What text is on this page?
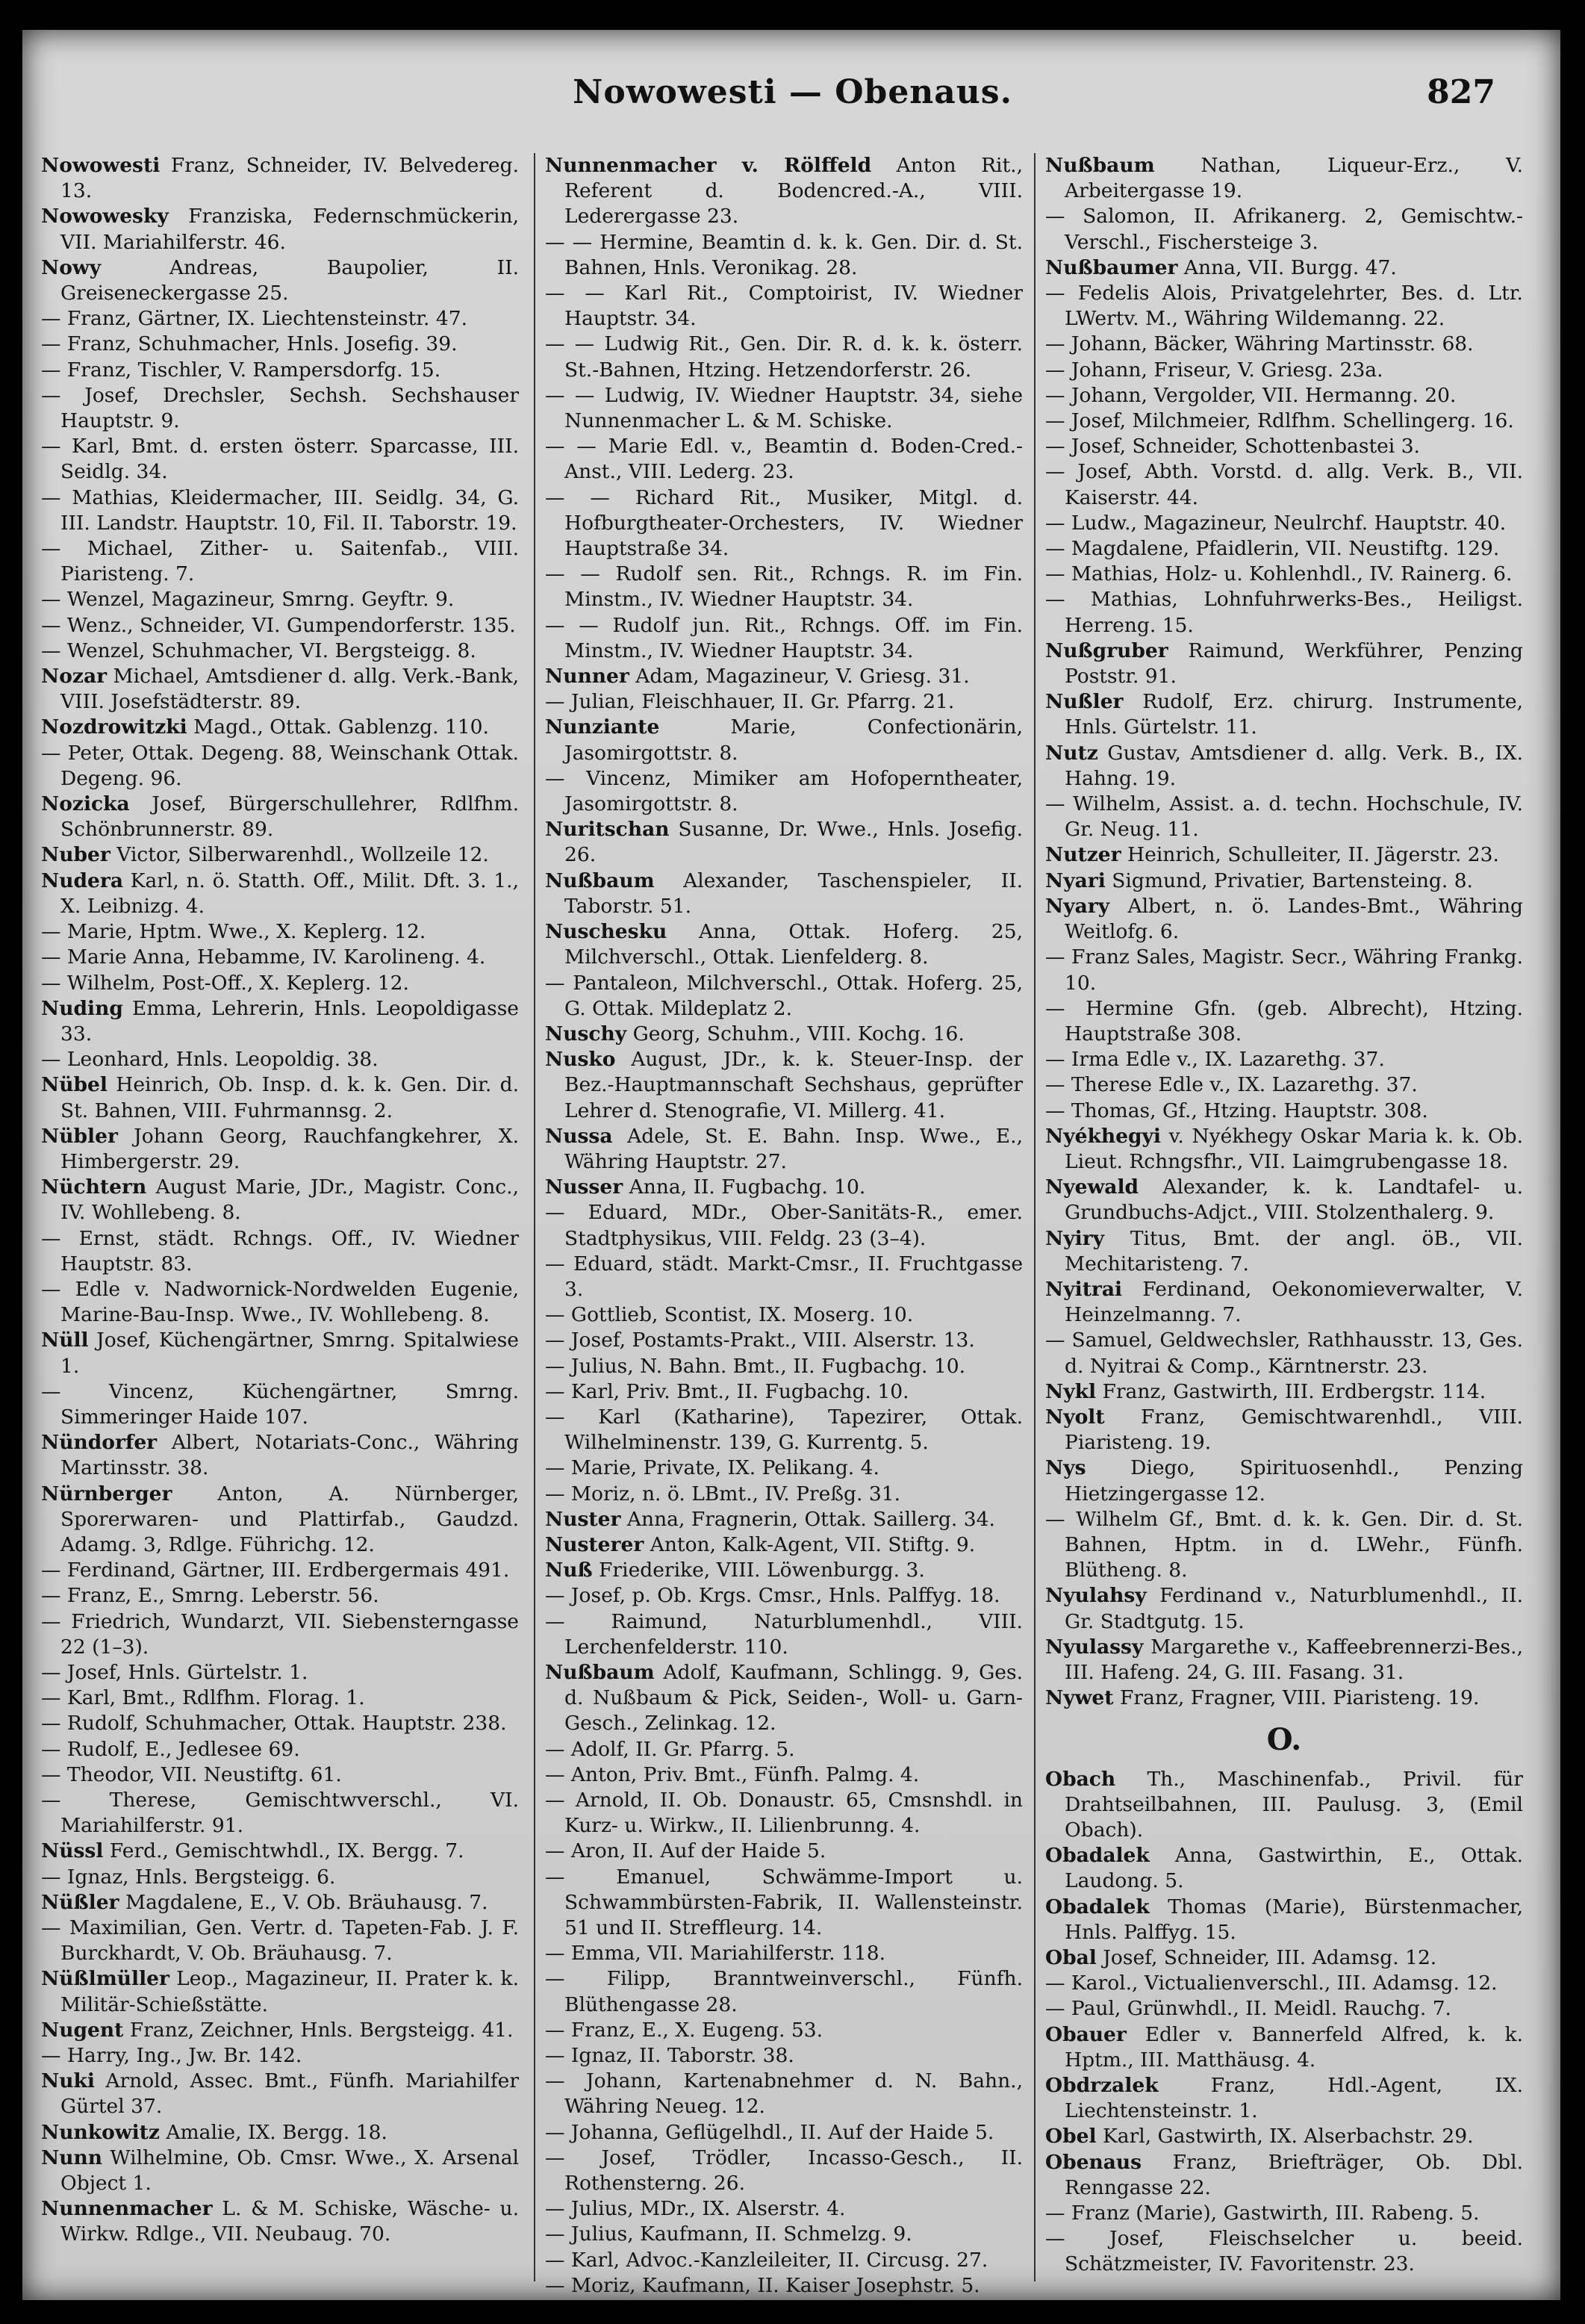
Nowowesti — Obenaus.	827

Nowowesti Franz, Schneider, IV. Belvedereg. 13.

Nowowesky Franziska, Federnschmückerin, VII. Mariahilferstr. 46.

Nowy Andreas, Baupolier, II. Greiseneckergasse 25.

— Franz, Gärtner, IX. Liechtensteinstr. 47.

— Franz, Schuhmacher, Hnls. Josefig. 39.

— Franz, Tischler, V. Rampersdorfg. 15.

— Josef, Drechsler, Sechsh. Sechshauser Hauptstr. 9.

— Karl, Bmt. d. ersten österr. Sparcasse, III. Seidlg. 34.

— Mathias, Kleidermacher, III. Seidlg. 34, G. III. Landstr. Hauptstr. 10, Fil. II. Taborstr. 19.

— Michael, Zither- u. Saitenfab., VIII. Piaristeng. 7.

— Wenzel, Magazineur, Smrng. Geyftr. 9.

— Wenz., Schneider, VI. Gumpendorferstr. 135.

— Wenzel, Schuhmacher, VI. Bergsteigg. 8.

Nozar Michael, Amtsdiener d. allg. Verk.-Bank, VIII. Josefstädterstr. 89.

Nozdrowitzki Magd., Ottak. Gablenzg. 110.

— Peter, Ottak. Degeng. 88, Weinschank Ottak. Degeng. 96.

Nozicka Josef, Bürgerschullehrer, Rdlfhm. Schönbrunnerstr. 89.

Nuber Victor, Silberwarenhdl., Wollzeile 12.

Nudera Karl, n. ö. Statth. Off., Milit. Dft. 3. 1., X. Leibnizg. 4.

— Marie, Hptm. Wwe., X. Keplerg. 12.

— Marie Anna, Hebamme, IV. Karolineng. 4.

— Wilhelm, Post-Off., X. Keplerg. 12.

Nuding Emma, Lehrerin, Hnls. Leopoldigasse 33.

— Leonhard, Hnls. Leopoldig. 38.

Nübel Heinrich, Ob. Insp. d. k. k. Gen. Dir. d. St. Bahnen, VIII. Fuhrmannsg. 2.

Nübler Johann Georg, Rauchfangkehrer, X. Himbergerstr. 29.

Nüchtern August Marie, JDr., Magistr. Conc., IV. Wohllebeng. 8.

— Ernst, städt. Rchngs. Off., IV. Wiedner Hauptstr. 83.

— Edle v. Nadwornick-Nordwelden Eugenie, Marine-Bau-Insp. Wwe., IV. Wohllebeng. 8.

Nüll Josef, Küchengärtner, Smrng. Spitalwiese 1.

— Vincenz, Küchengärtner, Smrng. Simmeringer Haide 107.

Nündorfer Albert, Notariats-Conc., Währing Martinsstr. 38.

Nürnberger Anton, A. Nürnberger, Sporerwaren- und Plattirfab., Gaudzd. Adamg. 3, Rdlge. Führichg. 12.

— Ferdinand, Gärtner, III. Erdbergermais 491.

— Franz, E., Smrng. Leberstr. 56.

— Friedrich, Wundarzt, VII. Siebensterngasse 22 (1–3).

— Josef, Hnls. Gürtelstr. 1.

— Karl, Bmt., Rdlfhm. Florag. 1.

— Rudolf, Schuhmacher, Ottak. Hauptstr. 238.

— Rudolf, E., Jedlesee 69.

— Theodor, VII. Neustiftg. 61.

— Therese, Gemischtwverschl., VI. Mariahilferstr. 91.

Nüssl Ferd., Gemischtwhdl., IX. Bergg. 7.

— Ignaz, Hnls. Bergsteigg. 6.

Nüßler Magdalene, E., V. Ob. Bräuhausg. 7.

— Maximilian, Gen. Vertr. d. Tapeten-Fab. J. F. Burckhardt, V. Ob. Bräuhausg. 7.

Nüßlmüller Leop., Magazineur, II. Prater k. k. Militär-Schießstätte.

Nugent Franz, Zeichner, Hnls. Bergsteigg. 41.

— Harry, Ing., Jw. Br. 142.

Nuki Arnold, Assec. Bmt., Fünfh. Mariahilfer Gürtel 37.

Nunkowitz Amalie, IX. Bergg. 18.

Nunn Wilhelmine, Ob. Cmsr. Wwe., X. Arsenal Object 1.

Nunnenmacher L. & M. Schiske, Wäsche- u. Wirkw. Rdlge., VII. Neubaug. 70.

Nunnenmacher v. Rölffeld Anton Rit., Referent d. Bodencred.-A., VIII. Lederergasse 23.

— — Hermine, Beamtin d. k. k. Gen. Dir. d. St. Bahnen, Hnls. Veronikag. 28.

— — Karl Rit., Comptoirist, IV. Wiedner Hauptstr. 34.

— — Ludwig Rit., Gen. Dir. R. d. k. k. österr. St.-Bahnen, Htzing. Hetzendorferstr. 26.

— — Ludwig, IV. Wiedner Hauptstr. 34, siehe Nunnenmacher L. & M. Schiske.

— — Marie Edl. v., Beamtin d. Boden-Cred.-Anst., VIII. Lederg. 23.

— — Richard Rit., Musiker, Mitgl. d. Hofburgtheater-Orchesters, IV. Wiedner Hauptstraße 34.

— — Rudolf sen. Rit., Rchngs. R. im Fin. Minstm., IV. Wiedner Hauptstr. 34.

— — Rudolf jun. Rit., Rchngs. Off. im Fin. Minstm., IV. Wiedner Hauptstr. 34.

Nunner Adam, Magazineur, V. Griesg. 31.

— Julian, Fleischhauer, II. Gr. Pfarrg. 21.

Nunziante Marie, Confectionärin, Jasomirgottstr. 8.

— Vincenz, Mimiker am Hofoperntheater, Jasomirgottstr. 8.

Nuritschan Susanne, Dr. Wwe., Hnls. Josefig. 26.

Nußbaum Alexander, Taschenspieler, II. Taborstr. 51.

Nuschesku Anna, Ottak. Hoferg. 25, Milchverschl., Ottak. Lienfelderg. 8.

— Pantaleon, Milchverschl., Ottak. Hoferg. 25, G. Ottak. Mildeplatz 2.

Nuschy Georg, Schuhm., VIII. Kochg. 16.

Nusko August, JDr., k. k. Steuer-Insp. der Bez.-Hauptmannschaft Sechshaus, geprüfter Lehrer d. Stenografie, VI. Millerg. 41.

Nussa Adele, St. E. Bahn. Insp. Wwe., E., Währing Hauptstr. 27.

Nusser Anna, II. Fugbachg. 10.

— Eduard, MDr., Ober-Sanitäts-R., emer. Stadtphysikus, VIII. Feldg. 23 (3–4).

— Eduard, städt. Markt-Cmsr., II. Fruchtgasse 3.

— Gottlieb, Scontist, IX. Moserg. 10.

— Josef, Postamts-Prakt., VIII. Alserstr. 13.

— Julius, N. Bahn. Bmt., II. Fugbachg. 10.

— Karl, Priv. Bmt., II. Fugbachg. 10.

— Karl (Katharine), Tapezirer, Ottak. Wilhelminenstr. 139, G. Kurrentg. 5.

— Marie, Private, IX. Pelikang. 4.

— Moriz, n. ö. LBmt., IV. Preßg. 31.

Nuster Anna, Fragnerin, Ottak. Saillerg. 34.

Nusterer Anton, Kalk-Agent, VII. Stiftg. 9.

Nuß Friederike, VIII. Löwenburgg. 3.

— Josef, p. Ob. Krgs. Cmsr., Hnls. Palffyg. 18.

— Raimund, Naturblumenhdl., VIII. Lerchenfelderstr. 110.

Nußbaum Adolf, Kaufmann, Schlingg. 9, Ges. d. Nußbaum & Pick, Seiden-, Woll- u. Garn-Gesch., Zelinkag. 12.

— Adolf, II. Gr. Pfarrg. 5.

— Anton, Priv. Bmt., Fünfh. Palmg. 4.

— Arnold, II. Ob. Donaustr. 65, Cmsnshdl. in Kurz- u. Wirkw., II. Lilienbrunng. 4.

— Aron, II. Auf der Haide 5.

— Emanuel, Schwämme-Import u. Schwammbürsten-Fabrik, II. Wallensteinstr. 51 und II. Streffleurg. 14.

— Emma, VII. Mariahilferstr. 118.

— Filipp, Branntweinverschl., Fünfh. Blüthengasse 28.

— Franz, E., X. Eugeng. 53.

— Ignaz, II. Taborstr. 38.

— Johann, Kartenabnehmer d. N. Bahn., Währing Neueg. 12.

— Johanna, Geflügelhdl., II. Auf der Haide 5.

— Josef, Trödler, Incasso-Gesch., II. Rothensterng. 26.

— Julius, MDr., IX. Alserstr. 4.

— Julius, Kaufmann, II. Schmelzg. 9.

— Karl, Advoc.-Kanzleileiter, II. Circusg. 27.

— Moriz, Kaufmann, II. Kaiser Josephstr. 5.

Nußbaum Nathan, Liqueur-Erz., V. Arbeitergasse 19.

— Salomon, II. Afrikanerg. 2, Gemischtw.-Verschl., Fischersteige 3.

Nußbaumer Anna, VII. Burgg. 47.

— Fedelis Alois, Privatgelehrter, Bes. d. Ltr. LWertv. M., Währing Wildemanng. 22.

— Johann, Bäcker, Währing Martinsstr. 68.

— Johann, Friseur, V. Griesg. 23a.

— Johann, Vergolder, VII. Hermanng. 20.

— Josef, Milchmeier, Rdlfhm. Schellingerg. 16.

— Josef, Schneider, Schottenbastei 3.

— Josef, Abth. Vorstd. d. allg. Verk. B., VII. Kaiserstr. 44.

— Ludw., Magazineur, Neulrchf. Hauptstr. 40.

— Magdalene, Pfaidlerin, VII. Neustiftg. 129.

— Mathias, Holz- u. Kohlenhdl., IV. Rainerg. 6.

— Mathias, Lohnfuhrwerks-Bes., Heiligst. Herreng. 15.

Nußgruber Raimund, Werkführer, Penzing Poststr. 91.

Nußler Rudolf, Erz. chirurg. Instrumente, Hnls. Gürtelstr. 11.

Nutz Gustav, Amtsdiener d. allg. Verk. B., IX. Hahng. 19.

— Wilhelm, Assist. a. d. techn. Hochschule, IV. Gr. Neug. 11.

Nutzer Heinrich, Schulleiter, II. Jägerstr. 23.

Nyari Sigmund, Privatier, Bartensteing. 8.

Nyary Albert, n. ö. Landes-Bmt., Währing Weitlofg. 6.

— Franz Sales, Magistr. Secr., Währing Frankg. 10.

— Hermine Gfn. (geb. Albrecht), Htzing. Hauptstraße 308.

— Irma Edle v., IX. Lazarethg. 37.

— Therese Edle v., IX. Lazarethg. 37.

— Thomas, Gf., Htzing. Hauptstr. 308.

Nyékhegyi v. Nyékhegy Oskar Maria k. k. Ob. Lieut. Rchngsfhr., VII. Laimgrubengasse 18.

Nyewald Alexander, k. k. Landtafel- u. Grundbuchs-Adjct., VIII. Stolzenthalerg. 9.

Nyiry Titus, Bmt. der angl. öB., VII. Mechitaristeng. 7.

Nyitrai Ferdinand, Oekonomieverwalter, V. Heinzelmanng. 7.

— Samuel, Geldwechsler, Rathhausstr. 13, Ges. d. Nyitrai & Comp., Kärntnerstr. 23.

Nykl Franz, Gastwirth, III. Erdbergstr. 114.

Nyolt Franz, Gemischtwarenhdl., VIII. Piaristeng. 19.

Nys Diego, Spirituosenhdl., Penzing Hietzingergasse 12.

— Wilhelm Gf., Bmt. d. k. k. Gen. Dir. d. St. Bahnen, Hptm. in d. LWehr., Fünfh. Blütheng. 8.

Nyulahsy Ferdinand v., Naturblumenhdl., II. Gr. Stadtgutg. 15.

Nyulassy Margarethe v., Kaffeebrennerzi-Bes., III. Hafeng. 24, G. III. Fasang. 31.

Nywet Franz, Fragner, VIII. Piaristeng. 19.

O.

Obach Th., Maschinenfab., Privil. für Drahtseilbahnen, III. Paulusg. 3, (Emil Obach).

Obadalek Anna, Gastwirthin, E., Ottak. Laudong. 5.

Obadalek Thomas (Marie), Bürstenmacher, Hnls. Palffyg. 15.

Obal Josef, Schneider, III. Adamsg. 12.

— Karol., Victualienverschl., III. Adamsg. 12.

— Paul, Grünwhdl., II. Meidl. Rauchg. 7.

Obauer Edler v. Bannerfeld Alfred, k. k. Hptm., III. Matthäusg. 4.

Obdrzalek Franz, Hdl.-Agent, IX. Liechtensteinstr. 1.

Obel Karl, Gastwirth, IX. Alserbachstr. 29.

Obenaus Franz, Briefträger, Ob. Dbl. Renngasse 22.

— Franz (Marie), Gastwirth, III. Rabeng. 5.

— Josef, Fleischselcher u. beeid. Schätzmeister, IV. Favoritenstr. 23.
